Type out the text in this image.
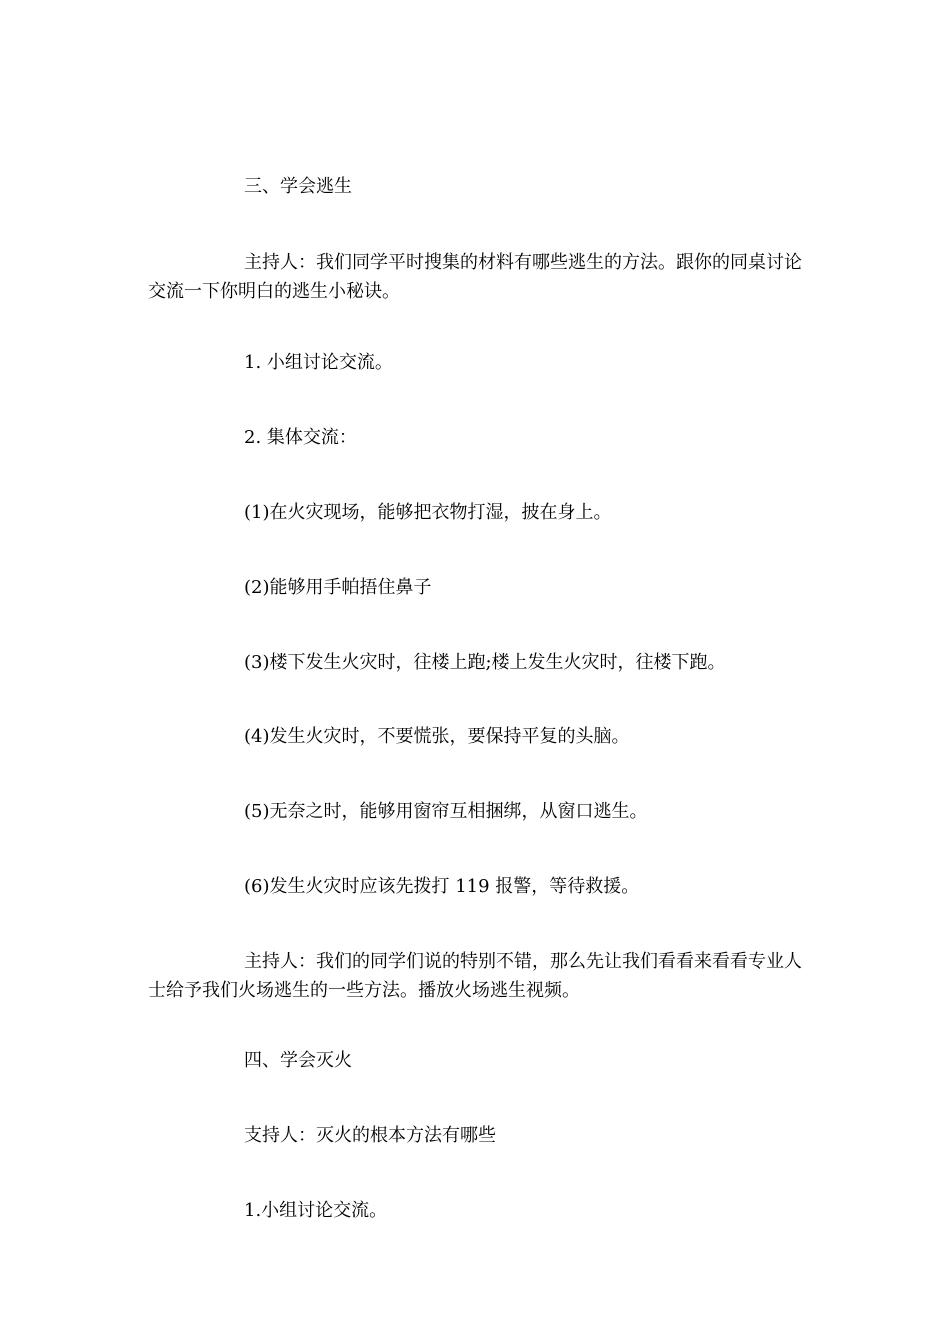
三、学会逃生

主持人：我们同学平时搜集的材料有哪些逃生的方法。跟你的同桌讨论交流一下你明白的逃生小秘诀。

1. 小组讨论交流。

2. 集体交流：

(1)在火灾现场，能够把衣物打湿，披在身上。

(2)能够用手帕捂住鼻子

(3)楼下发生火灾时，往楼上跑;楼上发生火灾时，往楼下跑。

(4)发生火灾时，不要慌张，要保持平复的头脑。

(5)无奈之时，能够用窗帘互相捆绑，从窗口逃生。

(6)发生火灾时应该先拨打 119 报警，等待救援。

主持人：我们的同学们说的特别不错，那么先让我们看看来看看专业人士给予我们火场逃生的一些方法。播放火场逃生视频。

四、学会灭火

支持人：灭火的根本方法有哪些

1.小组讨论交流。
